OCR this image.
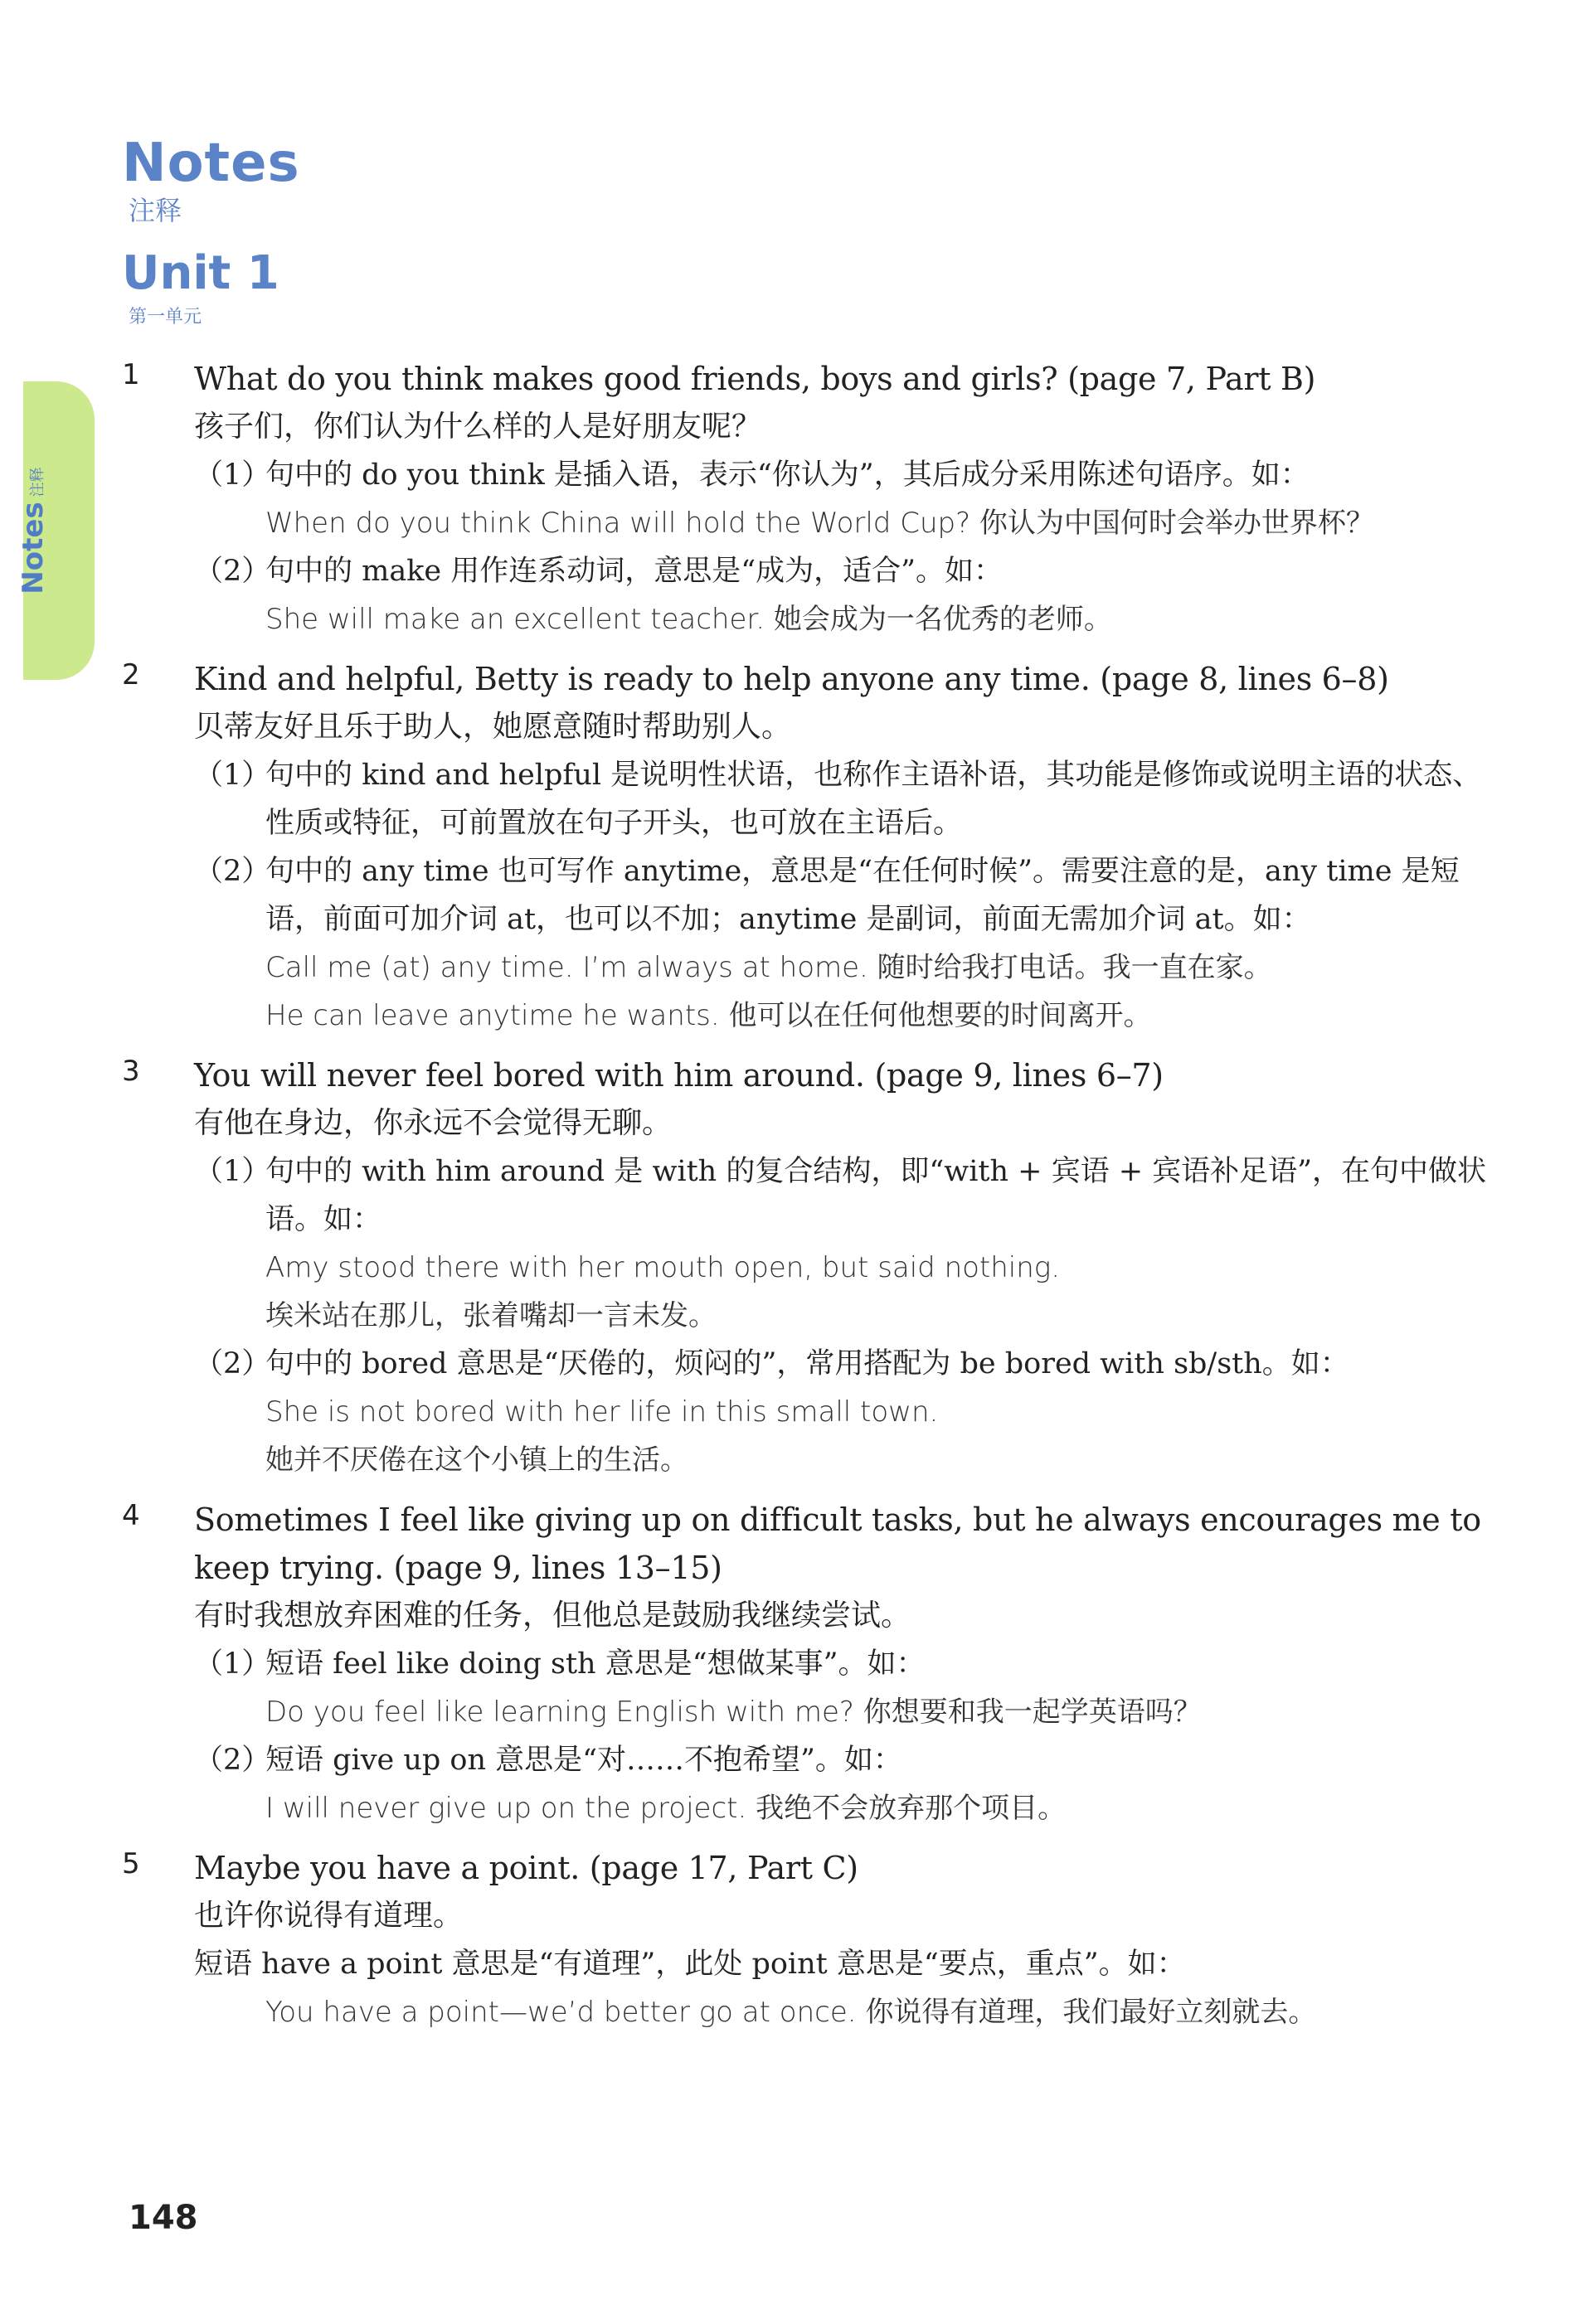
Notes
注释
Unit 1
第一单元
Notes注释
1 What do you think makes good friends, boys and girls? (page 7, Part B)
孩子们，你们认为什么样的人是好朋友呢？
（1）
句中的 do you think 是插入语，表示“你认为”，其后成分采用陈述句语序。如：
When do you think China will hold the World Cup? 你认为中国何时会举办世界杯？
（2）
句中的 make 用作连系动词，意思是“成为，适合”。如：
She will make an excellent teacher. 她会成为一名优秀的老师。
2 Kind and helpful, Betty is ready to help anyone any time. (page 8, lines 6–8)
贝蒂友好且乐于助人，她愿意随时帮助别人。
（1）
句中的 kind and helpful 是说明性状语，也称作主语补语，其功能是修饰或说明主语的状态、性质或特征，可前置放在句子开头，也可放在主语后。
（2）
句中的 any time 也可写作 anytime，意思是“在任何时候”。需要注意的是，any time 是短语，前面可加介词 at，也可以不加；anytime 是副词，前面无需加介词 at。如：
Call me (at) any time. I’m always at home. 随时给我打电话。我一直在家。
He can leave anytime he wants. 他可以在任何他想要的时间离开。
3 You will never feel bored with him around. (page 9, lines 6–7)
有他在身边，你永远不会觉得无聊。
（1）
句中的 with him around 是 with 的复合结构，即“with + 宾语 + 宾语补足语”，在句中做状语。如：
Amy stood there with her mouth open, but said nothing.
埃米站在那儿，张着嘴却一言未发。
（2）
句中的 bored 意思是“厌倦的，烦闷的”，常用搭配为 be bored with sb/sth。如：
She is not bored with her life in this small town.
她并不厌倦在这个小镇上的生活。
4 Sometimes I feel like giving up on difficult tasks, but he always encourages me to keep trying. (page 9, lines 13–15)
有时我想放弃困难的任务，但他总是鼓励我继续尝试。
（1）
短语 feel like doing sth 意思是“想做某事”。如：
Do you feel like learning English with me? 你想要和我一起学英语吗？
（2）
短语 give up on 意思是“对……不抱希望”。如：
I will never give up on the project. 我绝不会放弃那个项目。
5 Maybe you have a point. (page 17, Part C)
也许你说得有道理。
短语 have a point 意思是“有道理”，此处 point 意思是“要点，重点”。如：
You have a point—we’d better go at once. 你说得有道理，我们最好立刻就去。
148
